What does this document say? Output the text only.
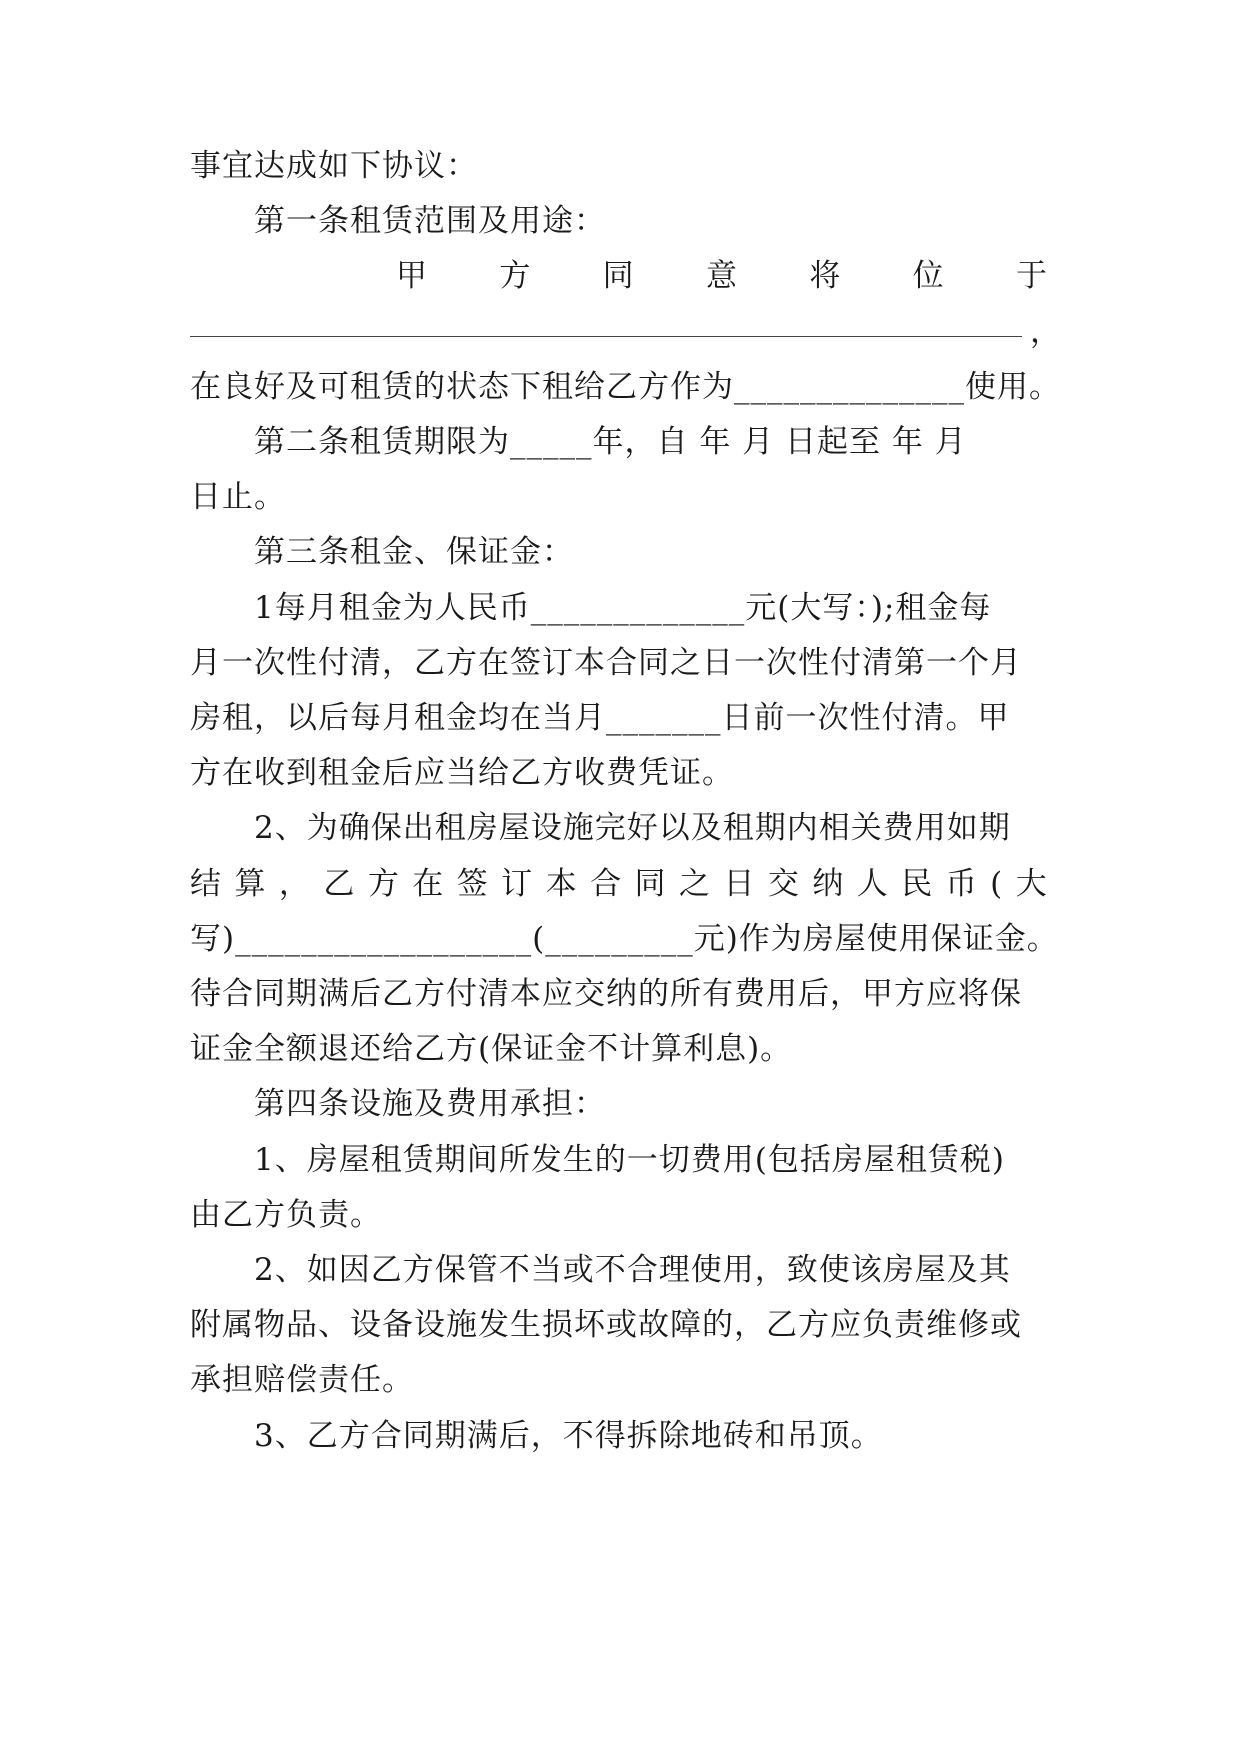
事宜达成如下协议：
第一条租赁范围及用途：
甲 方 同 意 将 位 于
，
在良好及可租赁的状态下租给乙方作为______________使用。
第二条租赁期限为_____年，自 年 月 日起至 年 月
日止。
第三条租金、保证金：
1每月租金为人民币_____________元(大写：);租金每
月一次性付清，乙方在签订本合同之日一次性付清第一个月
房租，以后每月租金均在当月_______日前一次性付清。甲
方在收到租金后应当给乙方收费凭证。
2、为确保出租房屋设施完好以及租期内相关费用如期
结 算 ， 乙 方 在 签 订 本 合 同 之 日 交 纳 人 民 币 ( 大
写)__________________(_________元)作为房屋使用保证金。
待合同期满后乙方付清本应交纳的所有费用后，甲方应将保
证金全额退还给乙方(保证金不计算利息)。
第四条设施及费用承担：
1、房屋租赁期间所发生的一切费用(包括房屋租赁税)
由乙方负责。
2、如因乙方保管不当或不合理使用，致使该房屋及其
附属物品、设备设施发生损坏或故障的，乙方应负责维修或
承担赔偿责任。
3、乙方合同期满后，不得拆除地砖和吊顶。
